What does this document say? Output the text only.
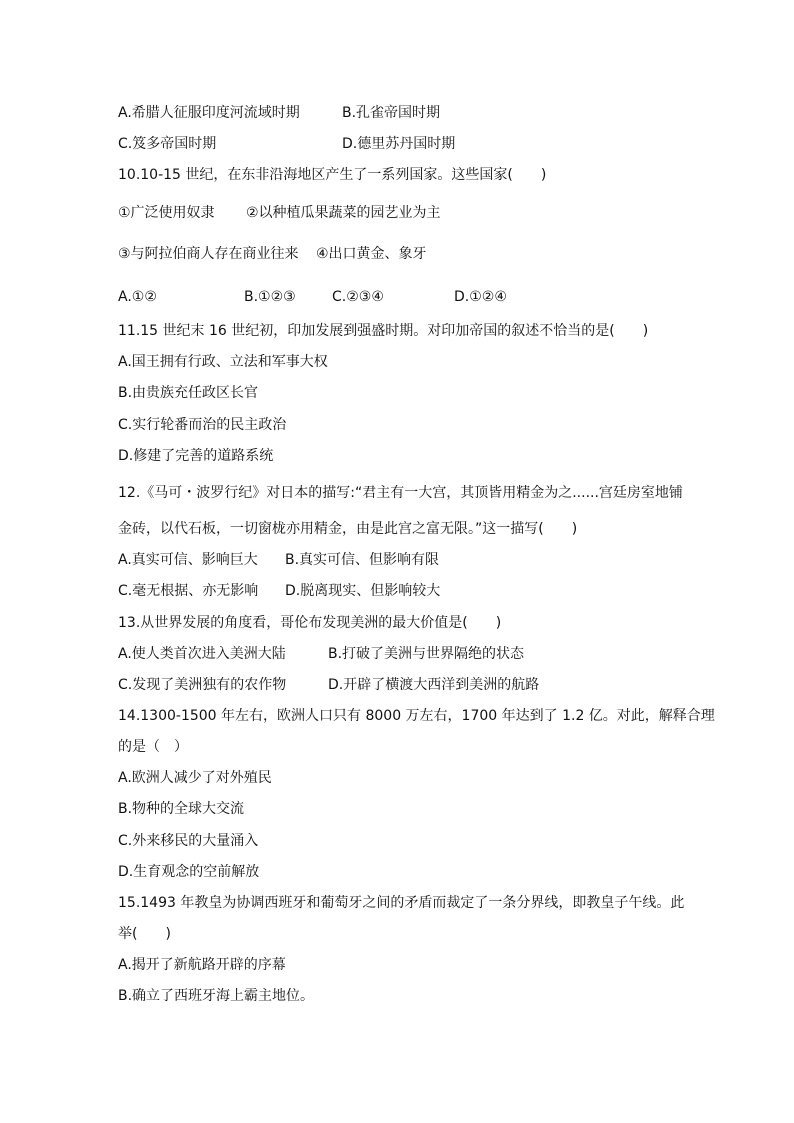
A.希腊人征服印度河流域时期	B.孔雀帝国时期
C.笈多帝国时期	D.德里苏丹国时期
10.10-15 世纪，在东非沿海地区产生了一系列国家。这些国家(　　)
①广泛使用奴隶 ②以种植瓜果蔬菜的园艺业为主
③与阿拉伯商人存在商业往来 ④出口黄金、象牙
A.①②	B.①②③	C.②③④	D.①②④
11.15 世纪末 16 世纪初，印加发展到强盛时期。对印加帝国的叙述不恰当的是(　　)
A.国王拥有行政、立法和军事大权
B.由贵族充任政区长官
C.实行轮番而治的民主政治
D.修建了完善的道路系统
12.《马可・波罗行纪》对日本的描写:“君主有一大宫，其顶皆用精金为之......宫廷房室地铺
金砖，以代石板，一切窗栊亦用精金，由是此宫之富无限。”这一描写(　　)
A.真实可信、影响巨大 B.真实可信、但影响有限
C.毫无根据、亦无影响 D.脱离现实、但影响较大
13.从世界发展的角度看，哥伦布发现美洲的最大价值是(　　)
A.使人类首次进入美洲大陆	B.打破了美洲与世界隔绝的状态
C.发现了美洲独有的农作物	D.开辟了横渡大西洋到美洲的航路
14.1300-1500 年左右，欧洲人口只有 8000 万左右，1700 年达到了 1.2 亿。对此，解释合理
的是（　）
A.欧洲人减少了对外殖民
B.物种的全球大交流
C.外来移民的大量涌入
D.生育观念的空前解放
15.1493 年教皇为协调西班牙和葡萄牙之间的矛盾而裁定了一条分界线，即教皇子午线。此
举(　　)
A.揭开了新航路开辟的序幕
B.确立了西班牙海上霸主地位。
